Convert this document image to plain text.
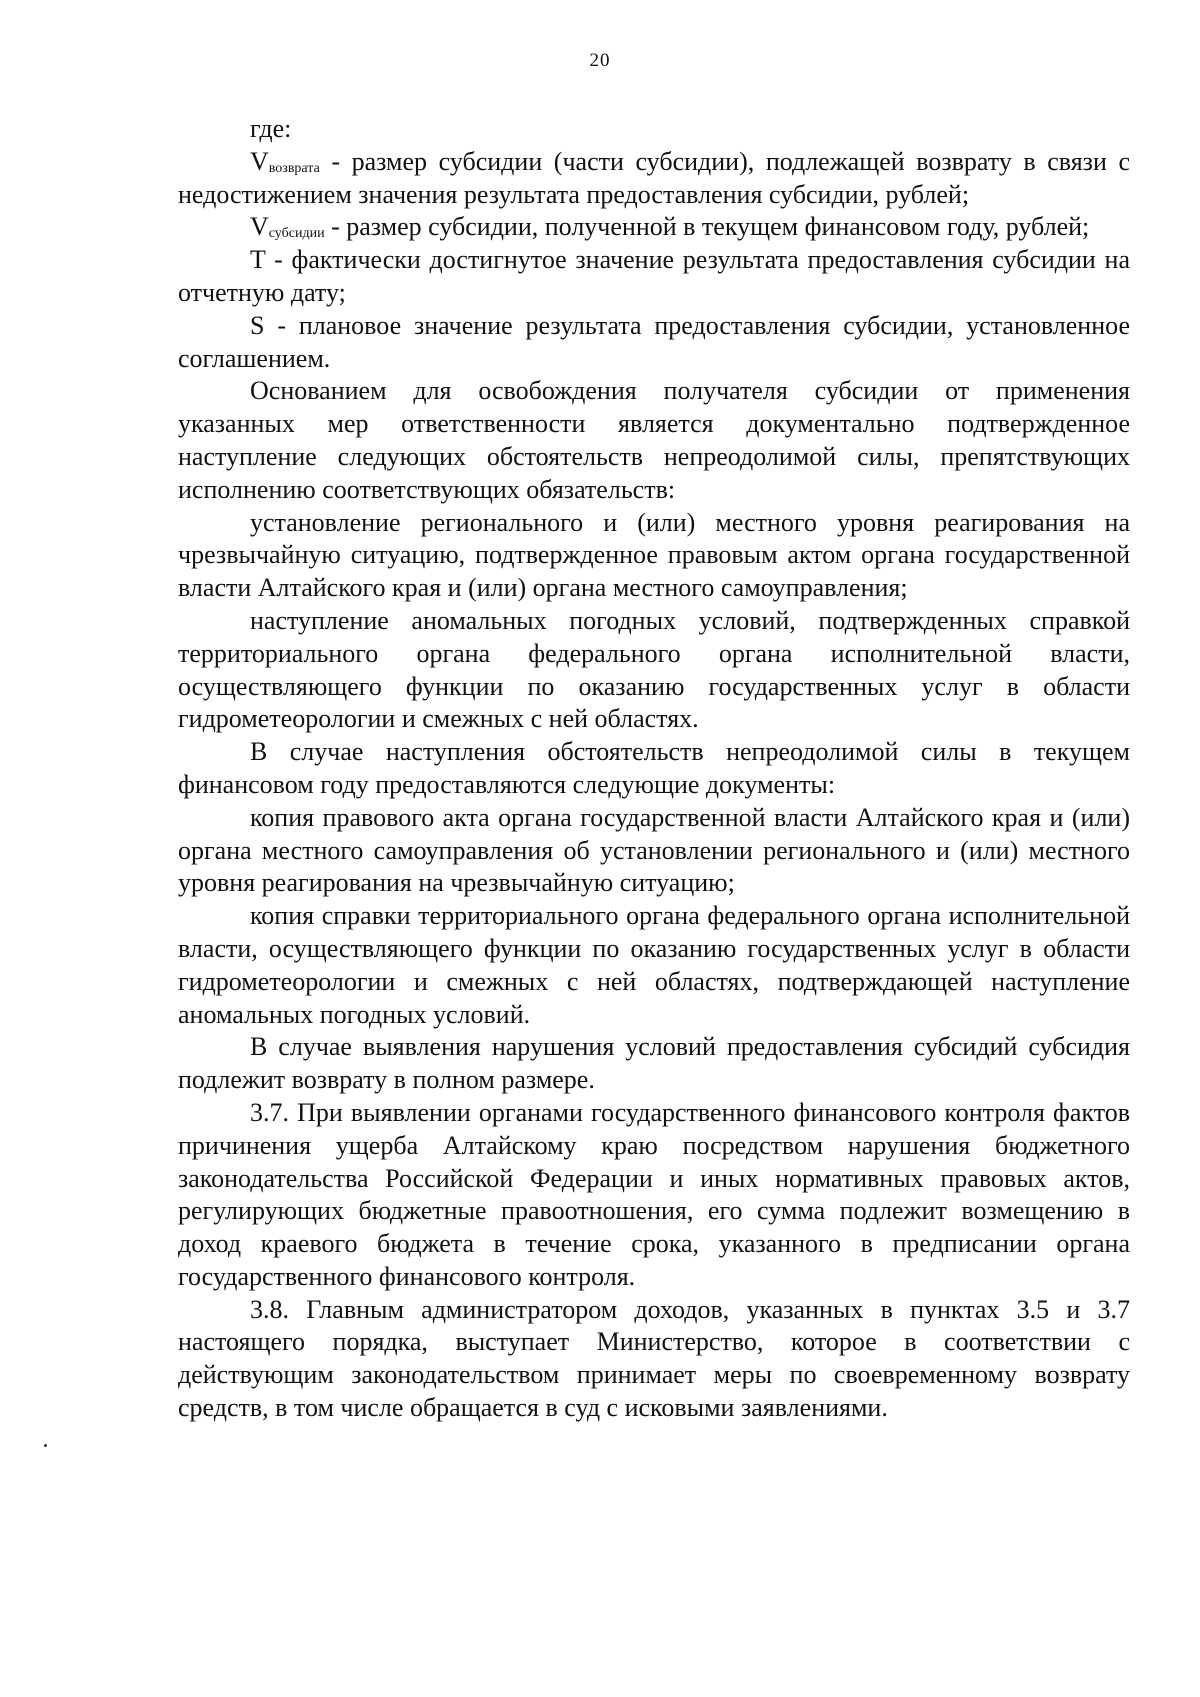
20

где:

$V_{возврата}$ - размер субсидии (части субсидии), подлежащей возврату в связи с недостижением значения результата предоставления субсидии, рублей;

$V_{субсидии}$ - размер субсидии, полученной в текущем финансовом году, рублей;

T - фактически достигнутое значение результата предоставления субсидии на отчетную дату;

S - плановое значение результата предоставления субсидии, установленное соглашением.

Основанием для освобождения получателя субсидии от применения указанных мер ответственности является документально подтвержденное наступление следующих обстоятельств непреодолимой силы, препятствующих исполнению соответствующих обязательств:

установление регионального и (или) местного уровня реагирования на чрезвычайную ситуацию, подтвержденное правовым актом органа государственной власти Алтайского края и (или) органа местного самоуправления;

наступление аномальных погодных условий, подтвержденных справкой территориального органа федерального органа исполнительной власти, осуществляющего функции по оказанию государственных услуг в области гидрометеорологии и смежных с ней областях.

В случае наступления обстоятельств непреодолимой силы в текущем финансовом году предоставляются следующие документы:

копия правового акта органа государственной власти Алтайского края и (или) органа местного самоуправления об установлении регионального и (или) местного уровня реагирования на чрезвычайную ситуацию;

копия справки территориального органа федерального органа исполнительной власти, осуществляющего функции по оказанию государственных услуг в области гидрометеорологии и смежных с ней областях, подтверждающей наступление аномальных погодных условий.

В случае выявления нарушения условий предоставления субсидий субсидия подлежит возврату в полном размере.

3.7. При выявлении органами государственного финансового контроля фактов причинения ущерба Алтайскому краю посредством нарушения бюджетного законодательства Российской Федерации и иных нормативных правовых актов, регулирующих бюджетные правоотношения, его сумма подлежит возмещению в доход краевого бюджета в течение срока, указанного в предписании органа государственного финансового контроля.

3.8. Главным администратором доходов, указанных в пунктах 3.5 и 3.7 настоящего порядка, выступает Министерство, которое в соответствии с действующим законодательством принимает меры по своевременному возврату средств, в том числе обращается в суд с исковыми заявлениями.
